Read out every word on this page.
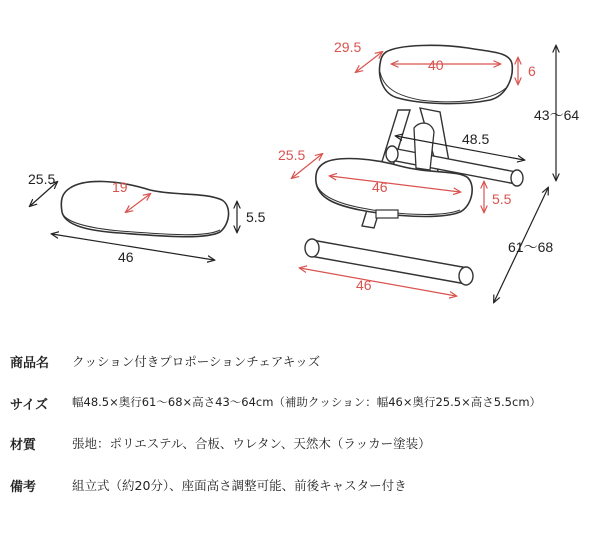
25.5	19
5.5
46
29.5
40	6
43〜64
48.5
25.5
46
5.5
61〜68
46
商品名 クッション付きプロポーションチェアキッズ
サイズ 幅48.5×奥行61〜68×高さ43〜64cm（補助クッション：幅46×奥行25.5×高さ5.5cm）
材質	張地：ポリエステル、合板、ウレタン、天然木（ラッカー塗装）
備考	組立式（約20分）、座面高さ調整可能、前後キャスター付き
